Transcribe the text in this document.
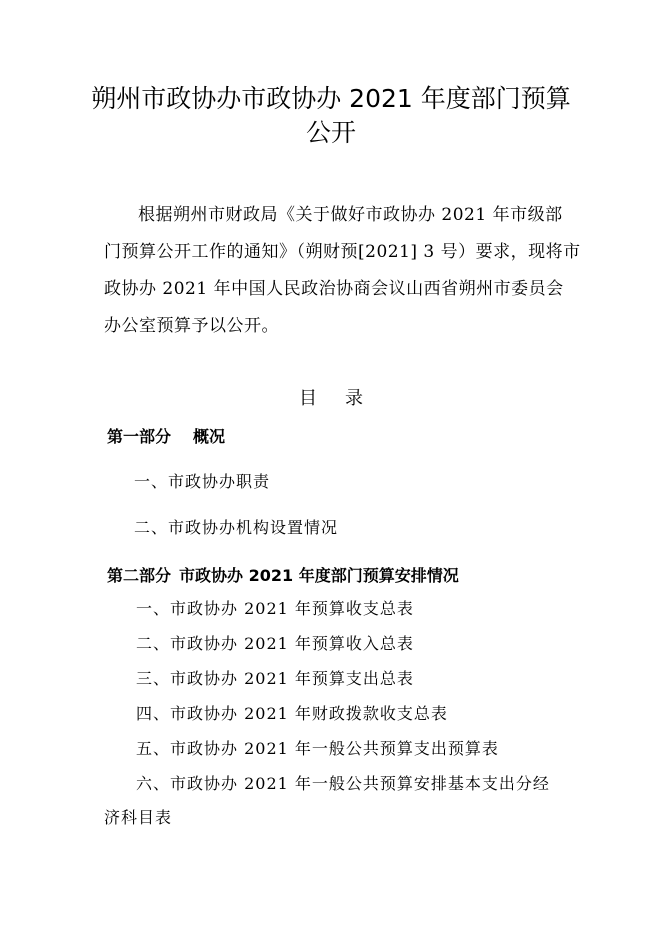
朔州市政协办市政协办 2021 年度部门预算
公开
根据朔州市财政局《关于做好市政协办 2021 年市级部
门预算公开工作的通知》（朔财预[2021] 3 号）要求，现将市
政协办 2021 年中国人民政治协商会议山西省朔州市委员会
办公室预算予以公开。
目录
第一部分 概况
一、市政协办职责
二、市政协办机构设置情况
第二部分 市政协办 2021 年度部门预算安排情况
一、市政协办 2021 年预算收支总表
二、市政协办 2021 年预算收入总表
三、市政协办 2021 年预算支出总表
四、市政协办 2021 年财政拨款收支总表
五、市政协办 2021 年一般公共预算支出预算表
六、市政协办 2021 年一般公共预算安排基本支出分经
济科目表
